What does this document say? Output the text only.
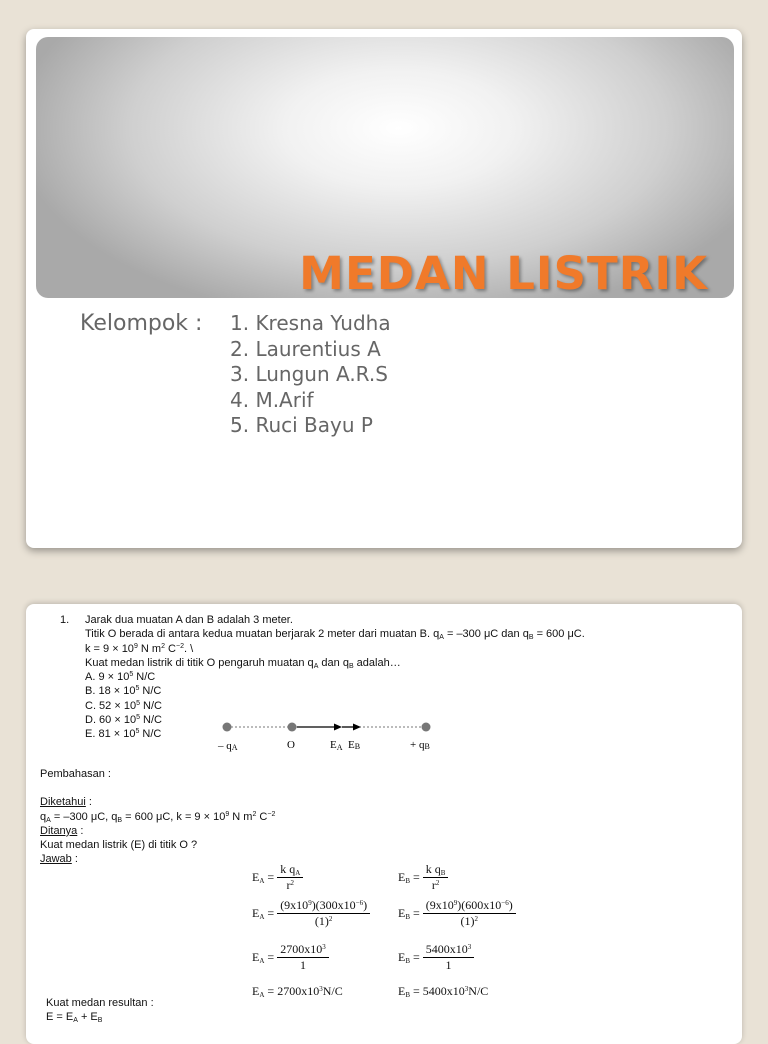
MEDAN LISTRIK
Kelompok : 1. Kresna Yudha
2. Laurentius A
3. Lungun A.R.S
4. M.Arif
5. Ruci Bayu P
1. Jarak dua muatan A dan B adalah 3 meter.
Titik O berada di antara kedua muatan berjarak 2 meter dari muatan B. $q_A = -300$ μC dan $q_B = 600$ μC.
$k = 9 \times 10^9$ N $m^2$ $C^{-2}$. \
Kuat medan listrik di titik O pengaruh muatan $q_A$ dan $q_B$ adalah…
A. $9 \times 10^5$ N/C
B. $18 \times 10^5$ N/C
C. $52 \times 10^5$ N/C
D. $60 \times 10^5$ N/C
E. $81 \times 10^5$ N/C
– qA	O	EA EB	+ qB
Pembahasan :
Diketahui :
$q_A = -300$ μC, $q_B = 600$ μC, $k = 9 \times 10^9$ N $m^2$ $C^{-2}$
Ditanya :
Kuat medan listrik (E) di titik O ?
Jawab :
$E_A = \frac{k q_A}{r^2}$	$E_B = \frac{k q_B}{r^2}$
$E_A = \frac{(9x10^9)(300x10^{-6})}{(1)^2} E_B = \frac{(9x10^9)(600x10^{-6})}{(1)^2}$
$E_A = \frac{2700x10^3}{1}$	$E_B = \frac{5400x10^3}{1}$
$E_A = 2700x10^3N/C$	$E_B = 5400x10^3N/C$
Kuat medan resultan :
$E = E_A + E_B$
